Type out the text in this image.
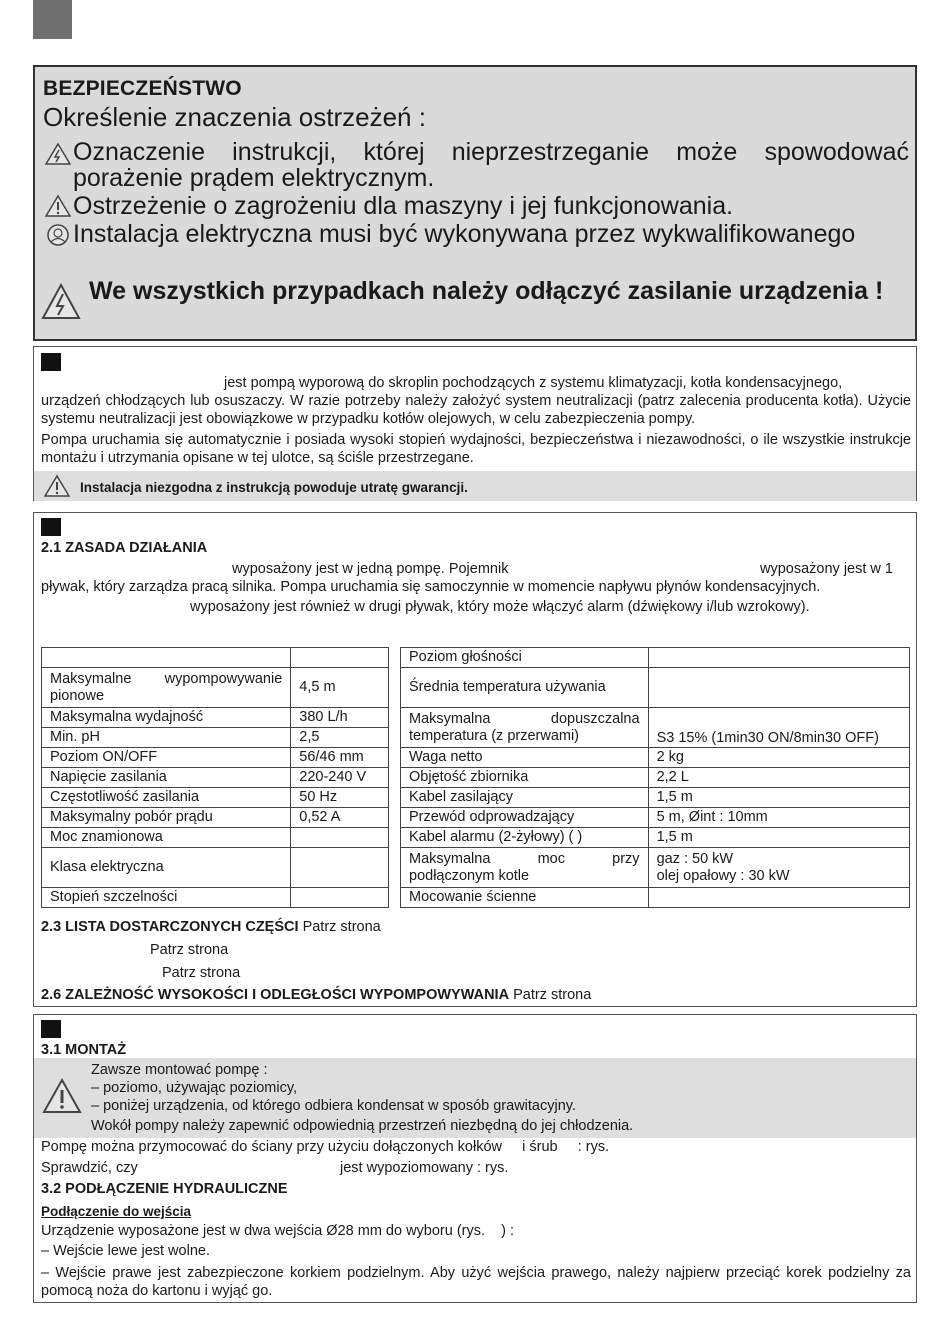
BEZPIECZEŃSTWO
Określenie znaczenia ostrzeżeń :
Oznaczenie instrukcji, której nieprzestrzeganie może spowodować porażenie prądem elektrycznym.
Ostrzeżenie o zagrożeniu dla maszyny i jej funkcjonowania.
Instalacja elektryczna musi być wykonywana przez wykwalifikowanego
We wszystkich przypadkach należy odłączyć zasilanie urządzenia !
jest pompą wyporową do skroplin pochodzących z systemu klimatyzacji, kotła kondensacyjnego,
urządzeń chłodzących lub osuszaczy. W razie potrzeby należy założyć system neutralizacji (patrz zalecenia producenta kotła). Użycie systemu neutralizacji jest obowiązkowe w przypadku kotłów olejowych, w celu zabezpieczenia pompy.
Pompa uruchamia się automatycznie i posiada wysoki stopień wydajności, bezpieczeństwa i niezawodności, o ile wszystkie instrukcje montażu i utrzymania opisane w tej ulotce, są ściśle przestrzegane.
Instalacja niezgodna z instrukcją powoduje utratę gwarancji.
2.1 ZASADA DZIAŁANIA
wyposażony jest w jedną pompę. Pojemnik	wyposażony jest w 1
pływak, który zarządza pracą silnika. Pompa uruchamia się samoczynnie w momencie napływu płynów kondensacyjnych.
wyposażony jest również w drugi pływak, który może włączyć alarm (dźwiękowy i/lub wzrokowy).

Maksymalne wypompowywanie pionowe	4,5 m
Maksymalna wydajność	380 L/h
Min. pH	2,5
Poziom ON/OFF	56/46 mm
Napięcie zasilania	220-240 V
Częstotliwość zasilania	50 Hz
Maksymalny pobór prądu	0,52 A
Moc znamionowa	
Klasa elektryczna	
Stopień szczelności	
Poziom głośności	
Średnia temperatura używania	
Maksymalna dopuszczalna temperatura (z przerwami)	S3 15% (1min30 ON/8min30 OFF)
Waga netto	2 kg
Objętość zbiornika	2,2 L
Kabel zasilający	1,5 m
Przewód odprowadzający	5 m, Øint : 10mm
Kabel alarmu (2-żyłowy) ( )	1,5 m
Maksymalna moc przy podłączonym kotle	gaz : 50 kW
olej opałowy : 30 kW
Mocowanie ścienne	
2.3 LISTA DOSTARCZONYCH CZĘŚCI Patrz strona
Patrz strona
Patrz strona
2.6 ZALEŻNOŚĆ WYSOKOŚCI I ODLEGŁOŚCI WYPOMPOWYWANIA Patrz strona
3.1 MONTAŻ
Zawsze montować pompę :
– poziomo, używając poziomicy,
– poniżej urządzenia, od którego odbiera kondensat w sposób grawitacyjny.
Wokół pompy należy zapewnić odpowiednią przestrzeń niezbędną do jej chłodzenia.
Pompę można przymocować do ściany przy użyciu dołączonych kołków     i śrub     : rys.
Sprawdzić, czy	jest wypoziomowany : rys.
3.2 PODŁĄCZENIE HYDRAULICZNE
Podłączenie do wejścia
Urządzenie wyposażone jest w dwa wejścia Ø28 mm do wyboru (rys.    ) :
– Wejście lewe jest wolne.
– Wejście prawe jest zabezpieczone korkiem podzielnym. Aby użyć wejścia prawego, należy najpierw przeciąć korek podzielny za pomocą noża do kartonu i wyjąć go.
